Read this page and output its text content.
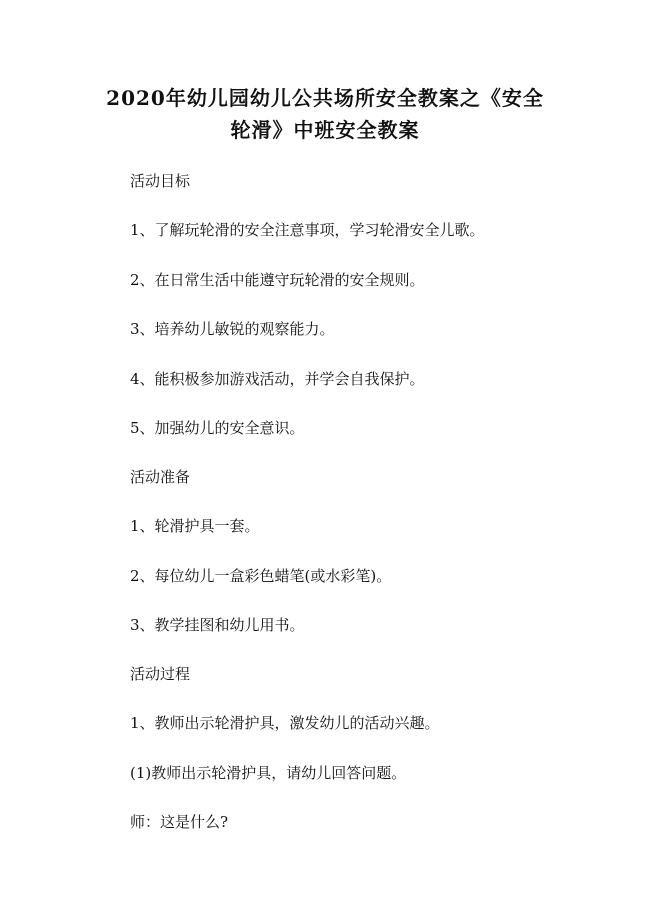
2020年幼儿园幼儿公共场所安全教案之《安全
轮滑》中班安全教案

活动目标

1、了解玩轮滑的安全注意事项，学习轮滑安全儿歌。

2、在日常生活中能遵守玩轮滑的安全规则。

3、培养幼儿敏锐的观察能力。

4、能积极参加游戏活动，并学会自我保护。

5、加强幼儿的安全意识。

活动准备

1、轮滑护具一套。

2、每位幼儿一盒彩色蜡笔(或水彩笔)。

3、教学挂图和幼儿用书。

活动过程

1、教师出示轮滑护具，激发幼儿的活动兴趣。

(1)教师出示轮滑护具，请幼儿回答问题。

师：这是什么?
